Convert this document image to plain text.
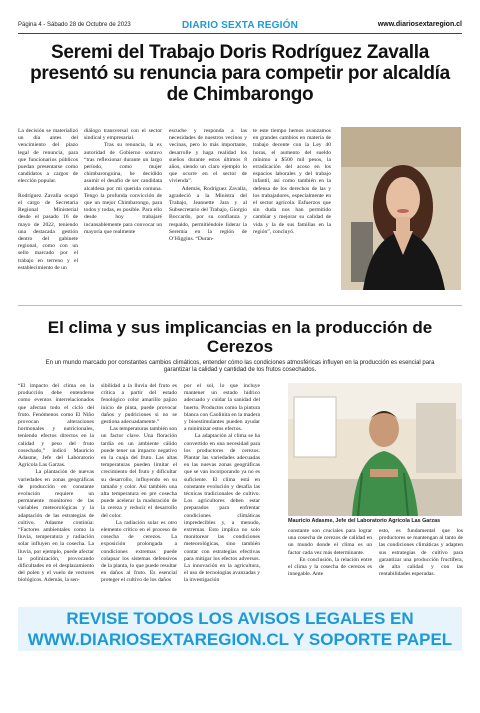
Página 4 - Sábado 28 de Octubre de 2023	DIARIO SEXTA REGIÓN	www.diariosextaregion.cl
Seremi del Trabajo Doris Rodríguez Zavalla presentó su renuncia para competir por alcaldía de Chimbarongo
La decisión se materializó un día antes del vencimiento del plazo legal de renuncia, para que funcionarios públicos puedan presentarse como candidatos a cargos de elección popular.

Rodríguez Zavalla ocupó el cargo de Secretaria Regional Ministerial desde el pasado 16 de mayo de 2022, teniendo una destacada gestión dentro del gabinete regional, como con un sello marcado por el trabajo en terreno y el establecimiento de un
diálogo transversal con el sector sindical y empresarial.
Tras su renuncia, la ex autoridad de Gobierno sostuvo “tras reflexionar durante un largo período, como mujer chimbaronguina, he decidido asumir el desafío de ser candidata alcaldesa por mi querida comuna. Tengo la profunda convicción de que un mejor Chimbarongo, para todos y todas, es posible. Para ello desde hoy trabajaré incansablemente para convocar un mayoría que realmente
escuche y responda a las necesidades de nuestros vecinos y vecinas, pero lo más importante, desarrolle y haga realidad los sueños durante estos últimos 8 años, siendo un claro ejemplo lo que ocurre en el sector de vivienda”.
Además, Rodríguez Zavalla, agradeció a la Ministra del Trabajo, Jeannette Jara y al Subsecretario del Trabajo, Giorgio Boccardo, por su confianza y respaldo, permitiéndole liderar la Seremía en la región de O’Higgins. “Duran-
te este tiempo hemos avanzamos en grandes cambios en materia de trabajo decente con la Ley 40 horas, el aumento del sueldo mínimo a $500 mil pesos, la erradicación del acoso en los espacios laborales y del trabajo infantil, así como también en la defensa de los derechos de las y los trabajadores, especialmente en el sector agrícola. Esfuerzos que sin duda nos han permitido cambiar y mejorar su calidad de vida y la de sus familias en la región”, concluyó.
El clima y sus implicancias en la producción de Cerezos
En un mundo marcado por constantes cambios climáticos, entender cómo las condiciones atmosféricas influyen en la producción es esencial para garantizar la calidad y cantidad de los frutos cosechados.
“El impacto del clima en la producción debe entenderse como eventos interrelacionados que afectan todo el ciclo del fruto. Fenómenos como El Niño provocan alteraciones hormonales y nutricionales, teniendo efectos directos en la calidad y peso del fruto cosechado,” indicó Mauricio Adasme, Jefe del Laboratorio Agrícola Las Garzas.
La plantación de nuevas variedades en zonas geográficas de producción en constante evolución requiere un permanente monitoreo de las variables meteorológicas y la adaptación de las estrategias de cultivo. Adasme continúa: “Factores ambientales como la lluvia, temperatura y radiación solar influyen en la cosecha. La lluvia, por ejemplo, puede afectar la polinización, provocando dificultades en el desplazamiento del polen y el vuelo de vectores biológicos. Además, la sen-
sibilidad a la lluvia del fruto es crítica a partir del estado fenológico color amarillo pajizo inicio de pinta, puede provocar daños y pudriciones si no se gestiona adecuadamente.”
Las temperaturas también son un factor clave. Una floración tardía en un ambiente cálido puede tener un impacto negativo en la cuaja del fruto. Las altas temperaturas pueden limitar el crecimiento del fruto y dificultar su desarrollo, influyendo en su tamaño y color. Así también una alta temperatura en pre cosecha puede acelerar la maduración de la cereza y reducir el desarrollo del color.
La radiación solar es otro elemento crítico en el proceso de cosecha de cerezos. La exposición prolongada a condiciones extremas puede colapsar los sistemas defensivos de la planta, lo que puede resultar en daños al fruto. Es esencial proteger el cultivo de los daños
por el sol, lo que incluye mantener un estado hídrico adecuado y cuidar la sanidad del huerto. Productos como la pintura blanca con Caolinita en la madera y bioestimulantes pueden ayudar a minimizar estos efectos.
La adaptación al clima se ha convertido en una necesidad para los productores de cerezos. Plantar las variedades adecuadas en las nuevas zonas geográficas que se van incorporando ya no es suficiente. El clima está en constante evolución y desafía las técnicas tradicionales de cultivo. Los agricultores deben estar preparados para enfrentar condiciones climáticas impredecibles y, a menudo, extremas. Esto implica no solo monitorear las condiciones meteorológicas, sino también contar con estrategias efectivas para mitigar los efectos adversos. La innovación en la agricultura, el uso de tecnologías avanzadas y la investigación
Mauricio Adasme, Jefe del Laboratorio Agrícola Las Garzas
constante son cruciales para lograr una cosecha de cerezos de calidad en un mundo donde el clima es un factor cada vez más determinante.
En conclusión, la relación entre el clima y la cosecha de cerezos es innegable. Ante
esto, es fundamental que los productores se mantengan al tanto de las condiciones climáticas y adapten sus estrategias de cultivo para garantizar una producción fructífera, de alta calidad y con las rentabilidades esperadas.
REVISE TODOS LOS AVISOS LEGALES EN
WWW.DIARIOSEXTAREGION.CL Y SOPORTE PAPEL
